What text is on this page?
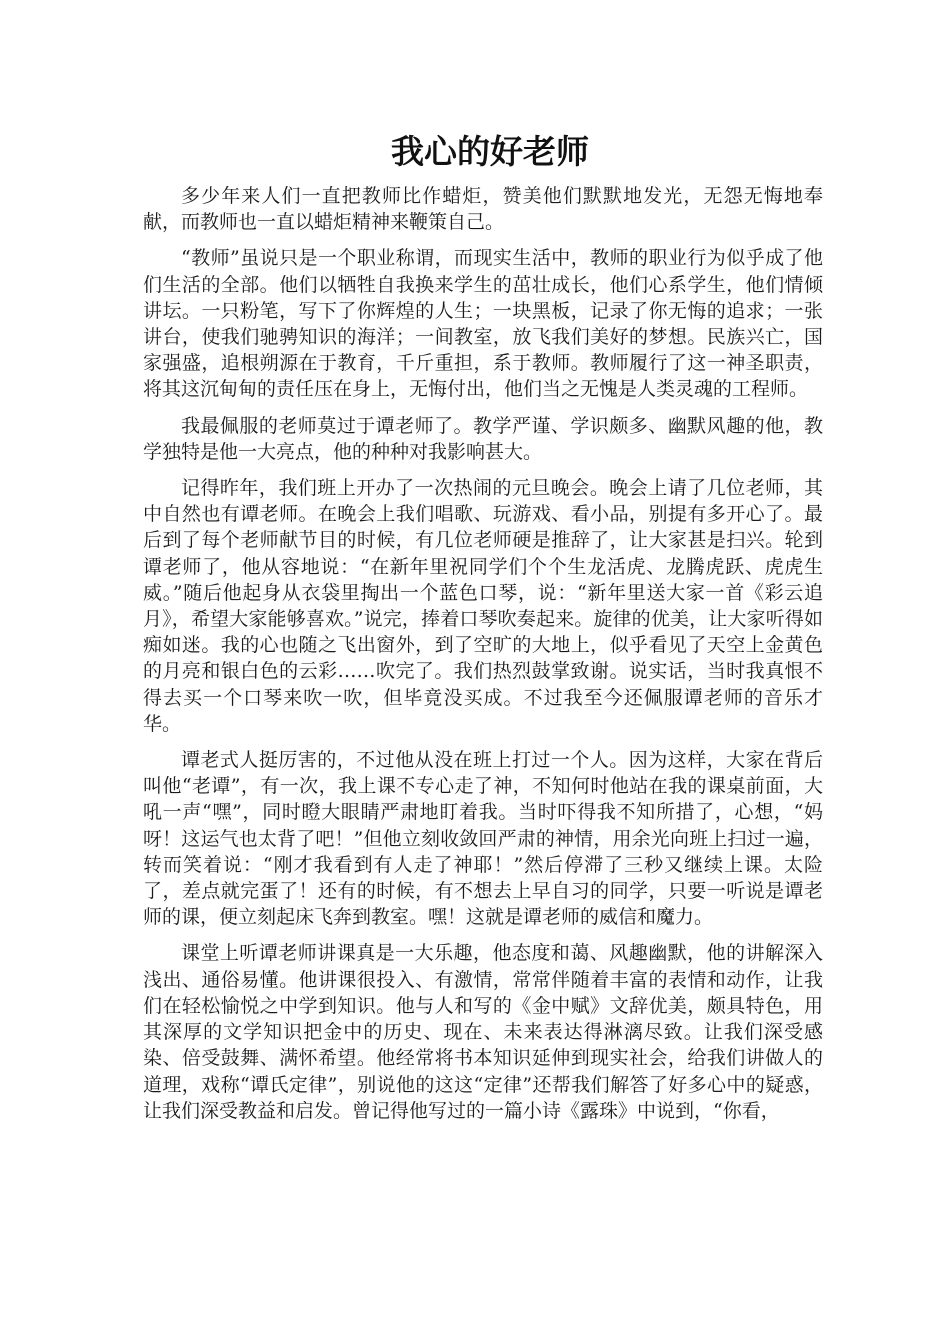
我心的好老师

多少年来人们一直把教师比作蜡炬，赞美他们默默地发光，无怨无悔地奉献，而教师也一直以蜡炬精神来鞭策自己。

“教师”虽说只是一个职业称谓，而现实生活中，教师的职业行为似乎成了他们生活的全部。他们以牺牲自我换来学生的茁壮成长，他们心系学生，他们情倾讲坛。一只粉笔，写下了你辉煌的人生；一块黑板，记录了你无悔的追求；一张讲台，使我们驰骋知识的海洋；一间教室，放飞我们美好的梦想。民族兴亡，国家强盛，追根朔源在于教育，千斤重担，系于教师。教师履行了这一神圣职责，将其这沉甸甸的责任压在身上，无悔付出，他们当之无愧是人类灵魂的工程师。

我最佩服的老师莫过于谭老师了。教学严谨、学识颇多、幽默风趣的他，教学独特是他一大亮点，他的种种对我影响甚大。

记得昨年，我们班上开办了一次热闹的元旦晚会。晚会上请了几位老师，其中自然也有谭老师。在晚会上我们唱歌、玩游戏、看小品，别提有多开心了。最后到了每个老师献节目的时候，有几位老师硬是推辞了，让大家甚是扫兴。轮到谭老师了，他从容地说：“在新年里祝同学们个个生龙活虎、龙腾虎跃、虎虎生威。”随后他起身从衣袋里掏出一个蓝色口琴，说：“新年里送大家一首《彩云追月》，希望大家能够喜欢。”说完，捧着口琴吹奏起来。旋律的优美，让大家听得如痴如迷。我的心也随之飞出窗外，到了空旷的大地上，似乎看见了天空上金黄色的月亮和银白色的云彩……吹完了。我们热烈鼓掌致谢。说实话，当时我真恨不得去买一个口琴来吹一吹，但毕竟没买成。不过我至今还佩服谭老师的音乐才华。

谭老式人挺厉害的，不过他从没在班上打过一个人。因为这样，大家在背后叫他“老谭”，有一次，我上课不专心走了神，不知何时他站在我的课桌前面，大吼一声“嘿”，同时瞪大眼睛严肃地盯着我。当时吓得我不知所措了，心想，“妈呀！这运气也太背了吧！”但他立刻收敛回严肃的神情，用余光向班上扫过一遍，转而笑着说：“刚才我看到有人走了神耶！”然后停滞了三秒又继续上课。太险了，差点就完蛋了！还有的时候，有不想去上早自习的同学，只要一听说是谭老师的课，便立刻起床飞奔到教室。嘿！这就是谭老师的威信和魔力。

课堂上听谭老师讲课真是一大乐趣，他态度和蔼、风趣幽默，他的讲解深入浅出、通俗易懂。他讲课很投入、有激情，常常伴随着丰富的表情和动作，让我们在轻松愉悦之中学到知识。他与人和写的《金中赋》文辞优美，颇具特色，用其深厚的文学知识把金中的历史、现在、未来表达得淋漓尽致。让我们深受感染、倍受鼓舞、满怀希望。他经常将书本知识延伸到现实社会，给我们讲做人的道理，戏称“谭氏定律”，别说他的这这“定律”还帮我们解答了好多心中的疑惑，让我们深受教益和启发。曾记得他写过的一篇小诗《露珠》中说到，“你看，
